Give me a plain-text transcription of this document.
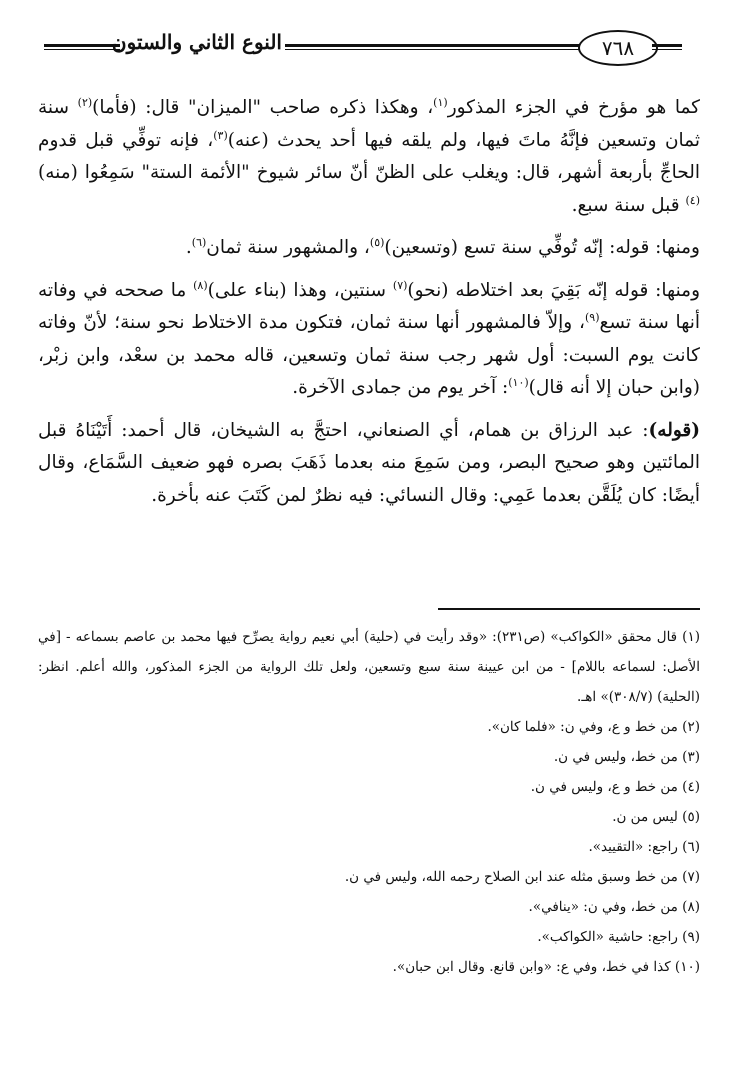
النوع الثاني والستون	٧٦٨

كما هو مؤرخ في الجزء المذكور$^{(١)}$، وهكذا ذكره صاحب "الميزان" قال: (فأما)$^{(٢)}$ سنة ثمان وتسعين فإنَّهُ ماتَ فيها، ولم يلقه فيها أحد يحدث (عنه)$^{(٣)}$، فإنه توفِّي قبل قدوم الحاجِّ بأربعة أشهر، قال: ويغلب على الظنّ أنّ سائر شيوخ "الأئمة الستة" سَمِعُوا (منه)$^{(٤)}$ قبل سنة سبع.

ومنها: قوله: إنّه تُوفِّي سنة تسع (وتسعين)$^{(٥)}$، والمشهور سنة ثمان$^{(٦)}$.

ومنها: قوله إنّه بَقِيَ بعد اختلاطه (نحو)$^{(٧)}$ سنتين، وهذا (بناء على)$^{(٨)}$ ما صححه في وفاته أنها سنة تسع$^{(٩)}$، وإلاّ فالمشهور أنها سنة ثمان، فتكون مدة الاختلاط نحو سنة؛ لأنّ وفاته كانت يوم السبت: أول شهر رجب سنة ثمان وتسعين، قاله محمد بن سعْد، وابن زبْر، (وابن حبان إلا أنه قال)$^{(١٠)}$: آخر يوم من جمادى الآخرة.

(قوله): عبد الرزاق بن همام، أي الصنعاني، احتجَّ به الشيخان، قال أحمد: أَتَيْنَاهُ قبل المائتين وهو صحيح البصر، ومن سَمِعَ منه بعدما ذَهَبَ بصره فهو ضعيف السَّمَاع، وقال أيضًا: كان يُلَقَّن بعدما عَمِي: وقال النسائي: فيه نظرٌ لمن كَتَبَ عنه بأخرة.

(١) قال محقق «الكواكب» (ص٢٣١): «وقد رأيت في (حلية) أبي نعيم رواية يصرِّح فيها محمد بن عاصم بسماعه - [في الأصل: لسماعه باللام] - من ابن عيينة سنة سبع وتسعين، ولعل تلك الرواية من الجزء المذكور، والله أعلم. انظر: (الحلية) (٣٠٨/٧)» اهـ.

(٢) من خط و ع، وفي ن: «فلما كان».

(٣) من خط، وليس في ن.

(٤) من خط و ع، وليس في ن.

(٥) ليس من ن.

(٦) راجع: «التقييد».

(٧) من خط وسبق مثله عند ابن الصلاح رحمه الله، وليس في ن.

(٨) من خط، وفي ن: «ينافي».

(٩) راجع: حاشية «الكواكب».

(١٠) كذا في خط، وفي ع: «وابن قانع. وقال ابن حبان».
